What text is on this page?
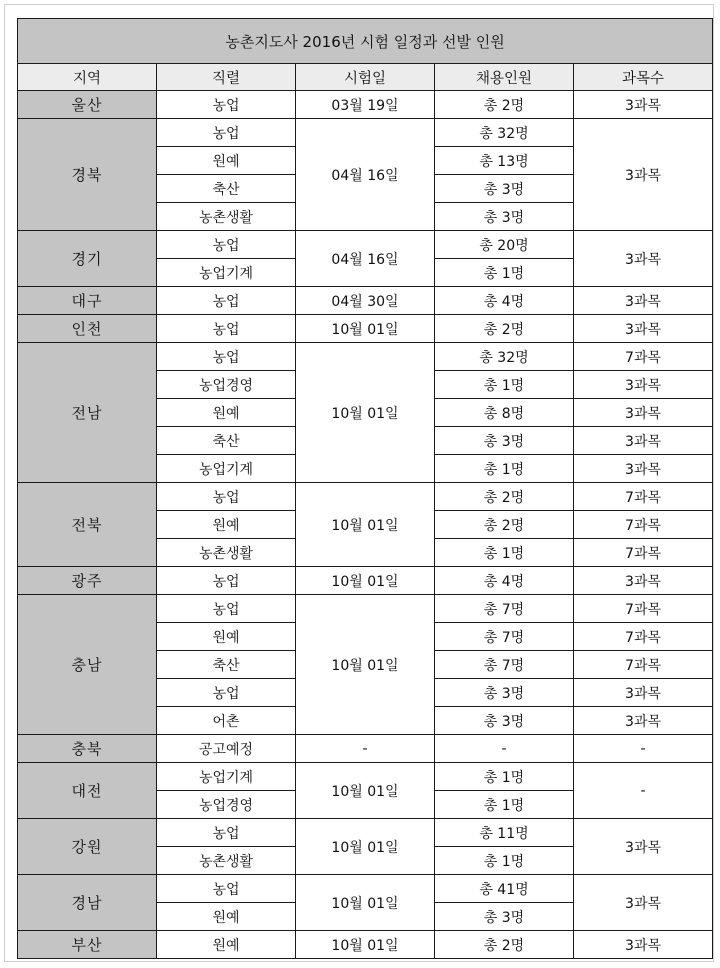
농촌지도사 2016년 시험 일정과 선발 인원				
지역	직렬	시험일	채용인원	과목수
울산	농업	03월 19일	총 2명	3과목
경북	농업	04월 16일	총 32명	3과목
	원예		총 13명	
	축산		총 3명	
	농촌생활		총 3명	
경기	농업	04월 16일	총 20명	3과목
	농업기계		총 1명	
대구	농업	04월 30일	총 4명	3과목
인천	농업	10월 01일	총 2명	3과목
전남	농업	10월 01일	총 32명	7과목
	농업경영		총 1명	3과목
	원예		총 8명	3과목
	축산		총 3명	3과목
	농업기계		총 1명	3과목
전북	농업	10월 01일	총 2명	7과목
	원예		총 2명	7과목
	농촌생활		총 1명	7과목
광주	농업	10월 01일	총 4명	3과목
충남	농업	10월 01일	총 7명	7과목
	원예		총 7명	7과목
	축산		총 7명	7과목
	농업		총 3명	3과목
	어촌		총 3명	3과목
충북	공고예정	-	-	-
대전	농업기계	10월 01일	총 1명	-
	농업경영		총 1명	
강원	농업	10월 01일	총 11명	3과목
	농촌생활		총 1명	
경남	농업	10월 01일	총 41명	3과목
	원예		총 3명	
부산	원예	10월 01일	총 2명	3과목
